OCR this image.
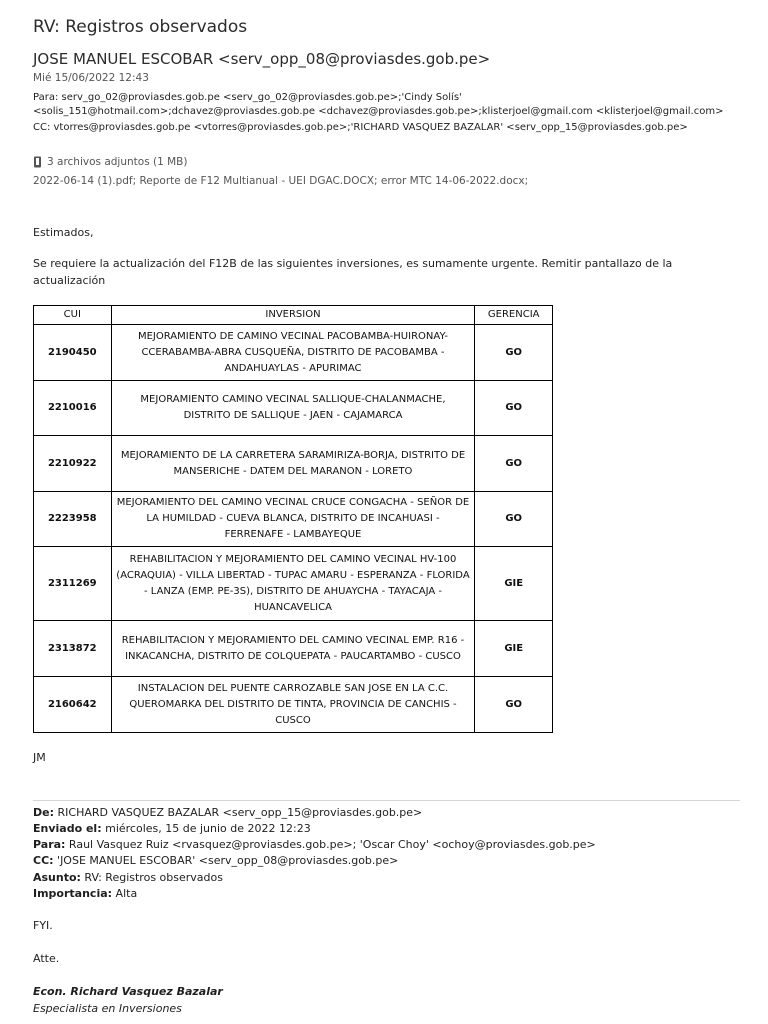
RV: Registros observados
JOSE MANUEL ESCOBAR <serv_opp_08@proviasdes.gob.pe>
Mié 15/06/2022 12:43
Para: serv_go_02@proviasdes.gob.pe <serv_go_02@proviasdes.gob.pe>;'Cindy Solís'
<solis_151@hotmail.com>;dchavez@proviasdes.gob.pe <dchavez@proviasdes.gob.pe>;klisterjoel@gmail.com <klisterjoel@gmail.com>
CC: vtorres@proviasdes.gob.pe <vtorres@proviasdes.gob.pe>;'RICHARD VASQUEZ BAZALAR' <serv_opp_15@proviasdes.gob.pe>
3 archivos adjuntos (1 MB)
2022-06-14 (1).pdf; Reporte de F12 Multianual - UEI DGAC.DOCX; error MTC 14-06-2022.docx;
Estimados,
Se requiere la actualización del F12B de las siguientes inversiones, es sumamente urgente. Remitir pantallazo de la
actualización
CUI	INVERSION	GERENCIA
2190450	MEJORAMIENTO DE CAMINO VECINAL PACOBAMBA-HUIRONAY-CCERABAMBA-ABRA CUSQUEÑA, DISTRITO DE PACOBAMBA - ANDAHUAYLAS - APURIMAC	GO
2210016	MEJORAMIENTO CAMINO VECINAL SALLIQUE-CHALANMACHE, DISTRITO DE SALLIQUE - JAEN - CAJAMARCA	GO
2210922	MEJORAMIENTO DE LA CARRETERA SARAMIRIZA-BORJA, DISTRITO DE MANSERICHE - DATEM DEL MARANON - LORETO	GO
2223958	MEJORAMIENTO DEL CAMINO VECINAL CRUCE CONGACHA - SEÑOR DE LA HUMILDAD - CUEVA BLANCA, DISTRITO DE INCAHUASI - FERRENAFE - LAMBAYEQUE	GO
2311269	REHABILITACION Y MEJORAMIENTO DEL CAMINO VECINAL HV-100 (ACRAQUIA) - VILLA LIBERTAD - TUPAC AMARU - ESPERANZA - FLORIDA - LANZA (EMP. PE-3S), DISTRITO DE AHUAYCHA - TAYACAJA - HUANCAVELICA	GIE
2313872	REHABILITACION Y MEJORAMIENTO DEL CAMINO VECINAL EMP. R16 - INKACANCHA, DISTRITO DE COLQUEPATA - PAUCARTAMBO - CUSCO	GIE
2160642	INSTALACION DEL PUENTE CARROZABLE SAN JOSE EN LA C.C. QUEROMARKA DEL DISTRITO DE TINTA, PROVINCIA DE CANCHIS - CUSCO	GO
JM
De: RICHARD VASQUEZ BAZALAR <serv_opp_15@proviasdes.gob.pe>
Enviado el: miércoles, 15 de junio de 2022 12:23
Para: Raul Vasquez Ruiz <rvasquez@proviasdes.gob.pe>; 'Oscar Choy' <ochoy@proviasdes.gob.pe>
CC: 'JOSE MANUEL ESCOBAR' <serv_opp_08@proviasdes.gob.pe>
Asunto: RV: Registros observados
Importancia: Alta
FYI.
Atte.
Econ. Richard Vasquez Bazalar
Especialista en Inversiones
